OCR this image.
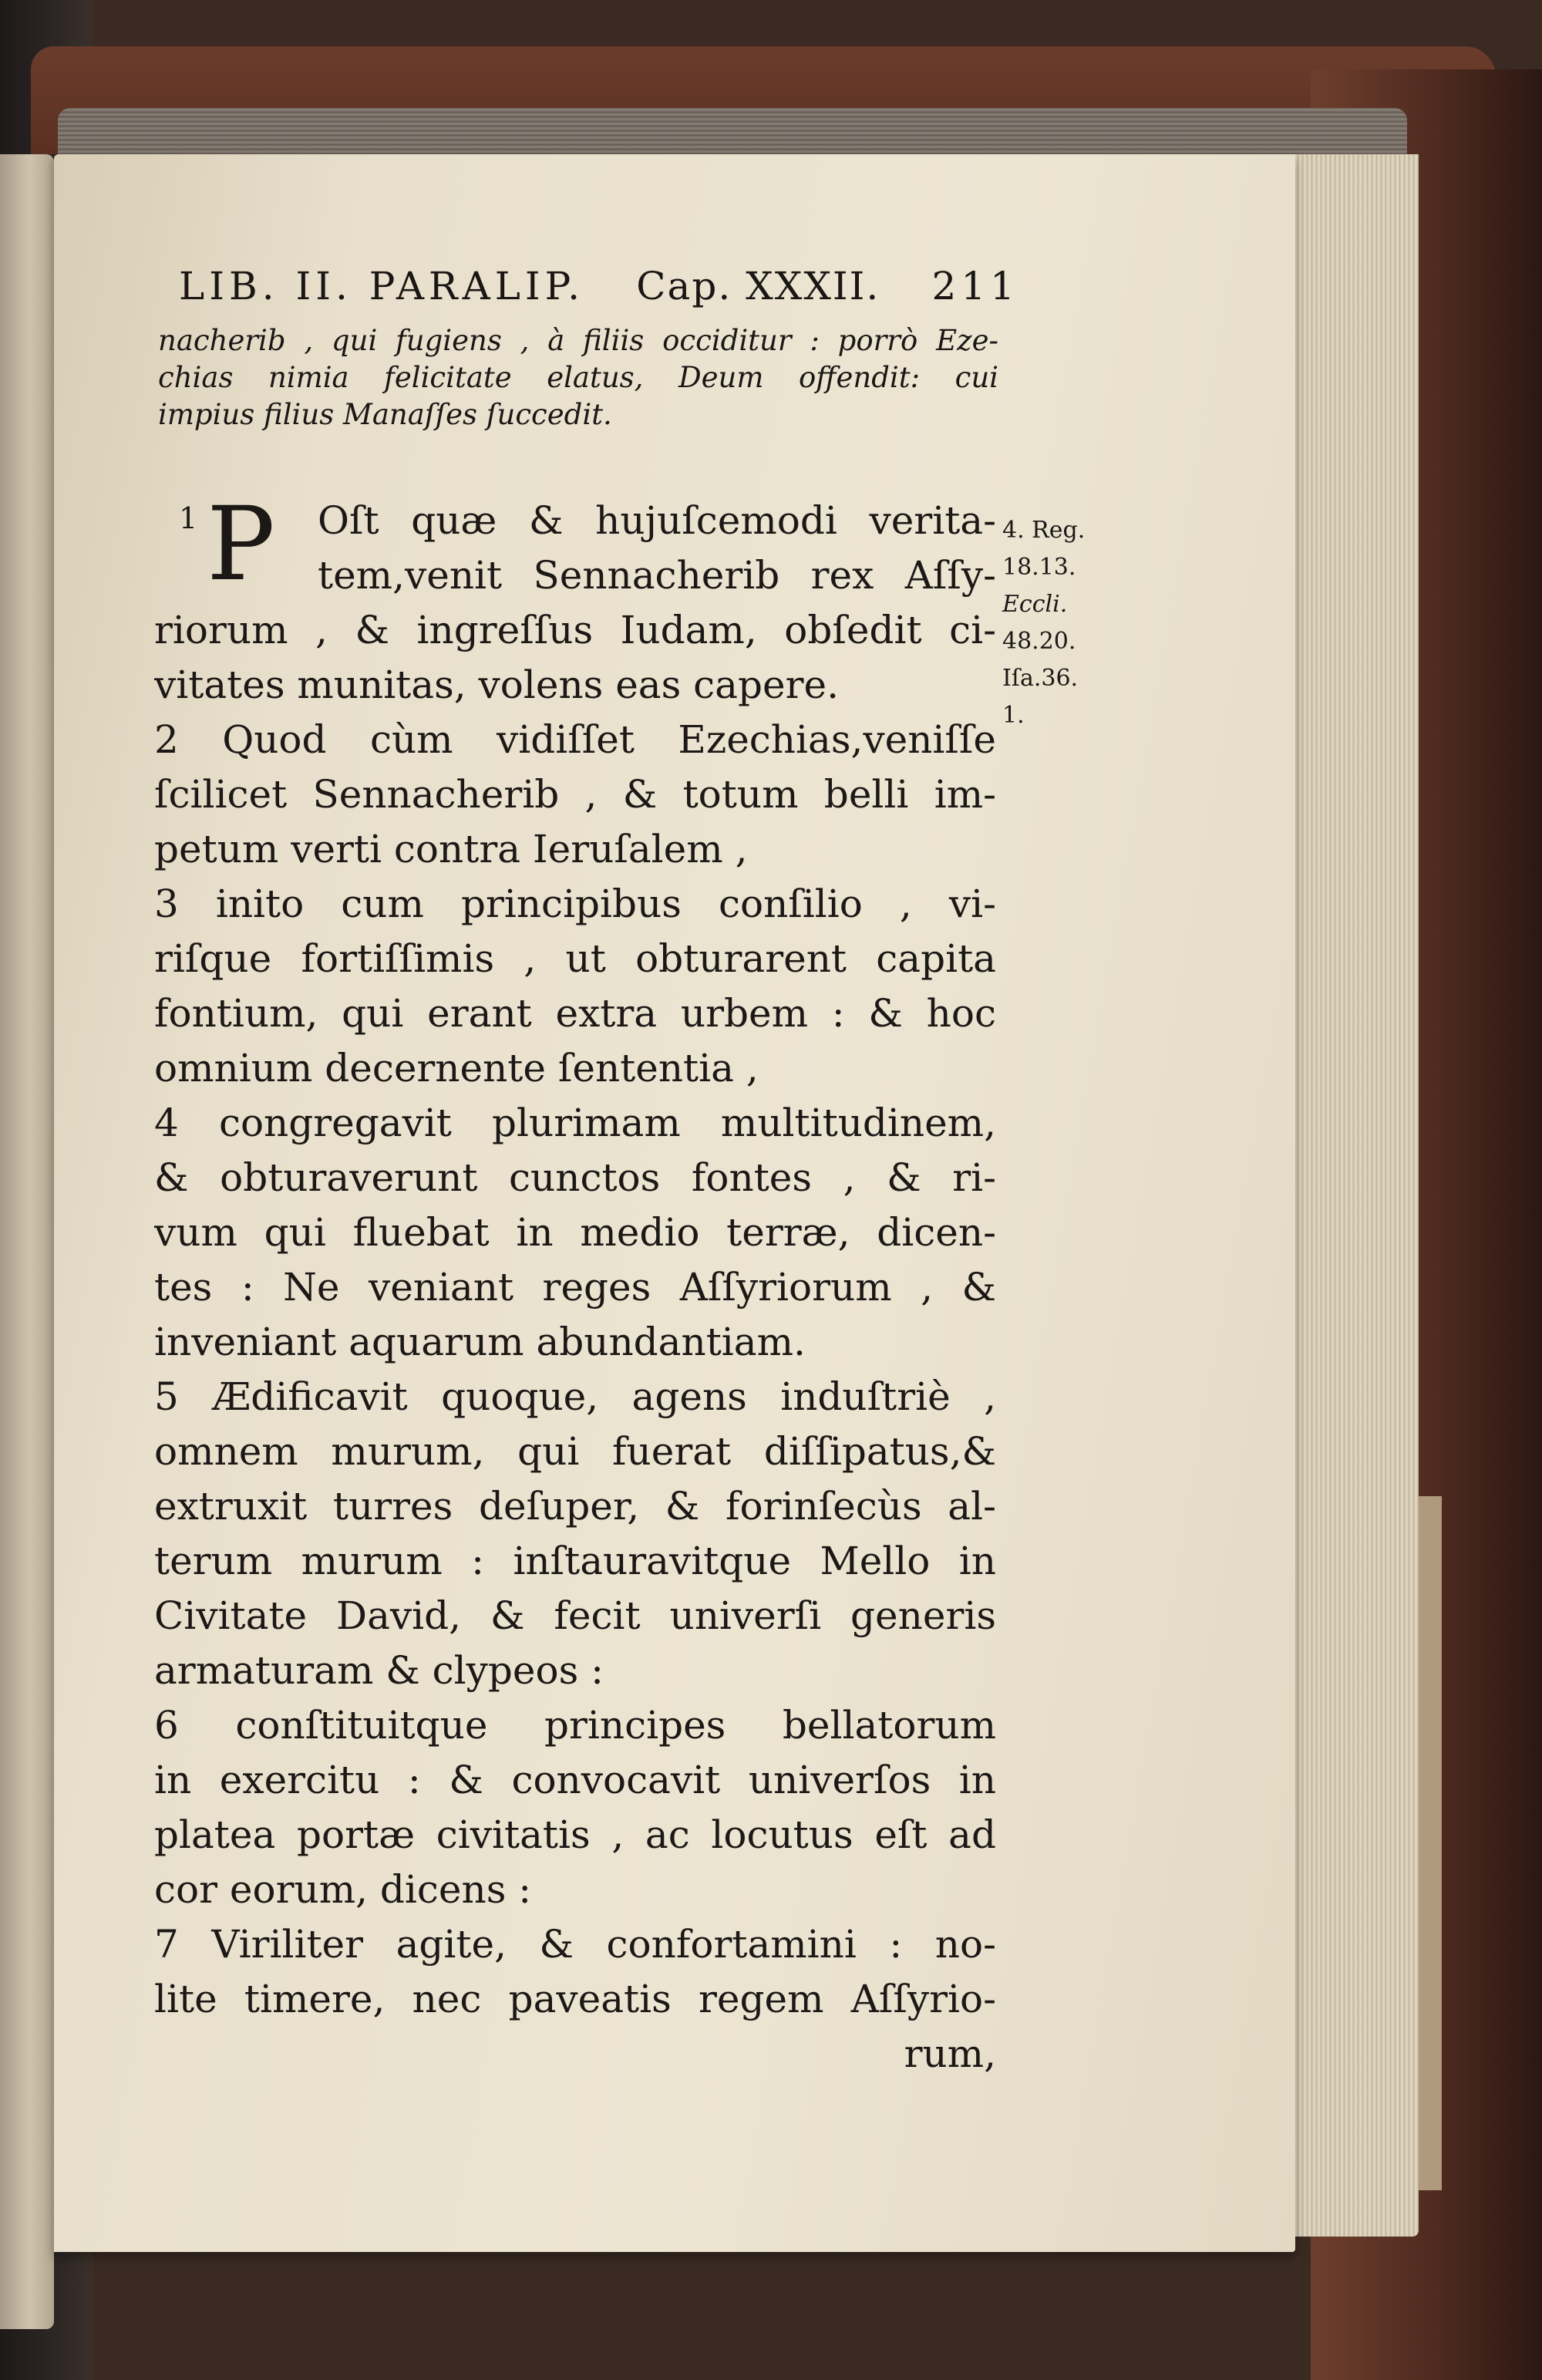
LIB. II. PARALIP. Cap. XXXII. 211
nacherib , qui fugiens , à filiis occiditur : porrò Eze-
chias nimia felicitate elatus, Deum offendit: cui
impius filius Manaſſes ſuccedit.
1 P Oſt quæ & hujuſcemodi verita-
tem,venit Sennacherib rex Aſſy-
riorum , & ingreſſus Iudam, obſedit ci-
vitates munitas, volens eas capere.
2 Quod cùm vidiſſet Ezechias,veniſſe
ſcilicet Sennacherib , & totum belli im-
petum verti contra Ieruſalem ,
3 inito cum principibus conſilio , vi-
riſque fortiſſimis , ut obturarent capita
fontium, qui erant extra urbem : & hoc
omnium decernente ſententia ,
4 congregavit plurimam multitudinem,
& obturaverunt cunctos fontes , & ri-
vum qui fluebat in medio terræ, dicen-
tes : Ne veniant reges Aſſyriorum , &
inveniant aquarum abundantiam.
5 Ædificavit quoque, agens induſtriè ,
omnem murum, qui fuerat diſſipatus,&
extruxit turres deſuper, & forinſecùs al-
terum murum : inſtauravitque Mello in
Civitate David, & fecit univerſi generis
armaturam & clypeos :
6 conſtituitque principes bellatorum
in exercitu : & convocavit univerſos in
platea portæ civitatis , ac locutus eſt ad
cor eorum, dicens :
7 Viriliter agite, & confortamini : no-
lite timere, nec paveatis regem Aſſyrio-
rum,
4. Reg.
18.13.
Eccli.
48.20.
Iſa.36.
1.
